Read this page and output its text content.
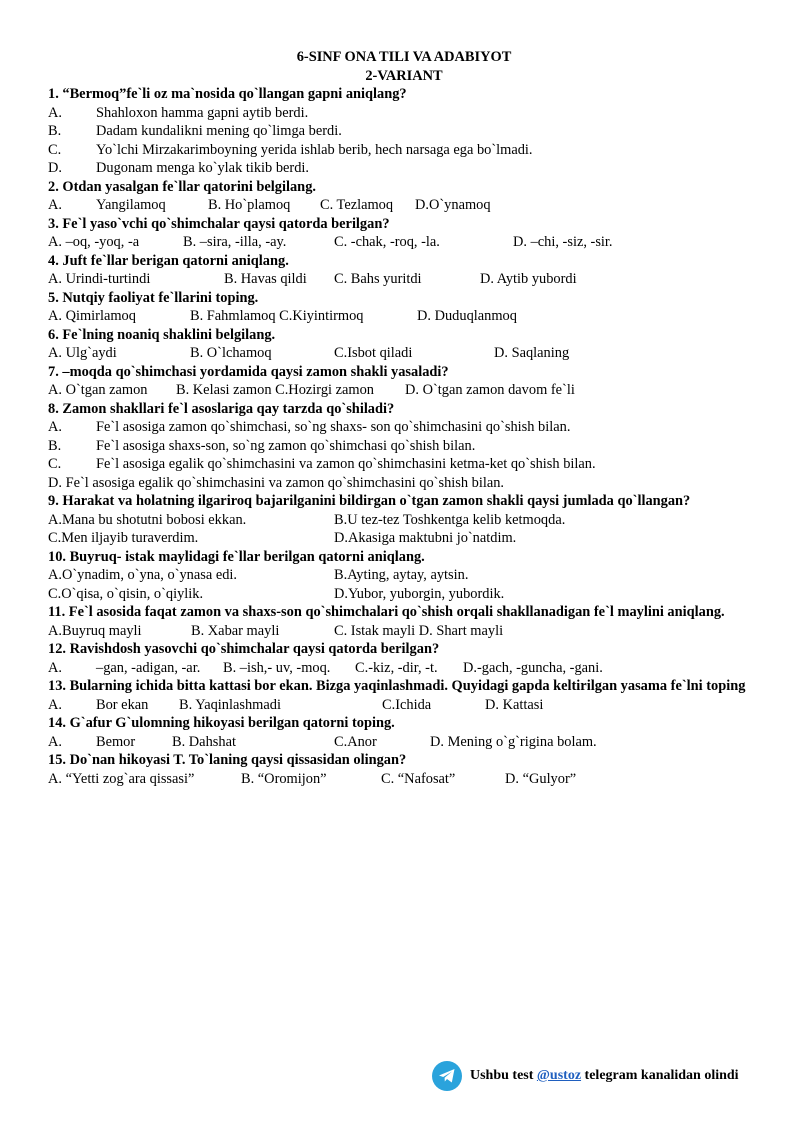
6-SINF ONA TILI VA ADABIYOT
2-VARIANT
1. “Bermoq”fe`li oz ma`nosida qo`llangan gapni aniqlang?
A. Shahloxon hamma gapni aytib berdi.
B. Dadam kundalikni mening qo`limga berdi.
C. Yo`lchi Mirzakarimboyning yerida ishlab berib, hech narsaga ega bo`lmadi.
D. Dugonam menga ko`ylak tikib berdi.
2. Otdan yasalgan fe`llar qatorini belgilang.
A. Yangilamoq	B. Ho`plamoq C. Tezlamoq D.O`ynamoq
3. Fe`l yaso`vchi qo`shimchalar qaysi qatorda berilgan?
A. –oq, -yoq, -a	B. –sira, -illa, -ay.	C. -chak, -roq, -la.	D. –chi, -siz, -sir.
4. Juft fe`llar berigan qatorni aniqlang.
A. Urindi-turtindi	B. Havas qildi C. Bahs yuritdi	D. Aytib yubordi
5. Nutqiy faoliyat fe`llarini toping.
A. Qimirlamoq	B. Fahmlamoq C.Kiyintirmoq	D. Duduqlanmoq
6. Fe`lning noaniq shaklini belgilang.
A. Ulg`aydi	B. O`lchamoq	C.Isbot qiladi	D. Saqlaning
7. –moqda qo`shimchasi yordamida qaysi zamon shakli yasaladi?
A. O`tgan zamon B. Kelasi zamon C.Hozirgi zamon D. O`tgan zamon davom fe`li
8. Zamon shakllari fe`l asoslariga qay tarzda qo`shiladi?
A. Fe`l asosiga zamon qo`shimchasi, so`ng shaxs- son qo`shimchasini qo`shish bilan.
B. Fe`l asosiga shaxs-son, so`ng zamon qo`shimchasi qo`shish bilan.
C. Fe`l asosiga egalik qo`shimchasini va zamon qo`shimchasini ketma-ket qo`shish bilan.
D. Fe`l asosiga egalik qo`shimchasini va zamon qo`shimchasini qo`shish bilan.
9. Harakat va holatning ilgariroq bajarilganini bildirgan o`tgan zamon shakli qaysi jumlada qo`llangan?
A.Mana bu shotutni bobosi ekkan.	B.U tez-tez Toshkentga kelib ketmoqda.
C.Men iljayib turaverdim.	D.Akasiga maktubni jo`natdim.
10. Buyruq- istak maylidagi fe`llar berilgan qatorni aniqlang.
A.O`ynadim, o`yna, o`ynasa edi.	B.Ayting, aytay, aytsin.
C.O`qisa, o`qisin, o`qiylik.	D.Yubor, yuborgin, yubordik.
11. Fe`l asosida faqat zamon va shaxs-son qo`shimchalari qo`shish orqali shakllanadigan fe`l maylini aniqlang.
A.Buyruq mayli	B. Xabar mayli	C. Istak mayli D. Shart mayli
12. Ravishdosh yasovchi qo`shimchalar qaysi qatorda berilgan?
A. –gan, -adigan, -ar. B. –ish,- uv, -moq. C.-kiz, -dir, -t. D.-gach, -guncha, -gani.
13. Bularning ichida bitta kattasi bor ekan. Bizga yaqinlashmadi. Quyidagi gapda keltirilgan yasama fe`lni toping
A. Bor ekan B. Yaqinlashmadi	C.Ichida	D. Kattasi
14. G`afur G`ulomning hikoyasi berilgan qatorni toping.
A. Bemor	B. Dahshat	C.Anor	D. Mening o`g`rigina bolam.
15. Do`nan hikoyasi T. To`laning qaysi qissasidan olingan?
A. “Yetti zog`ara qissasi”	B. “Oromijon”	C. “Nafosat”	D. “Gulyor”
Ushbu test
@ustoz
telegram kanalidan olindi
